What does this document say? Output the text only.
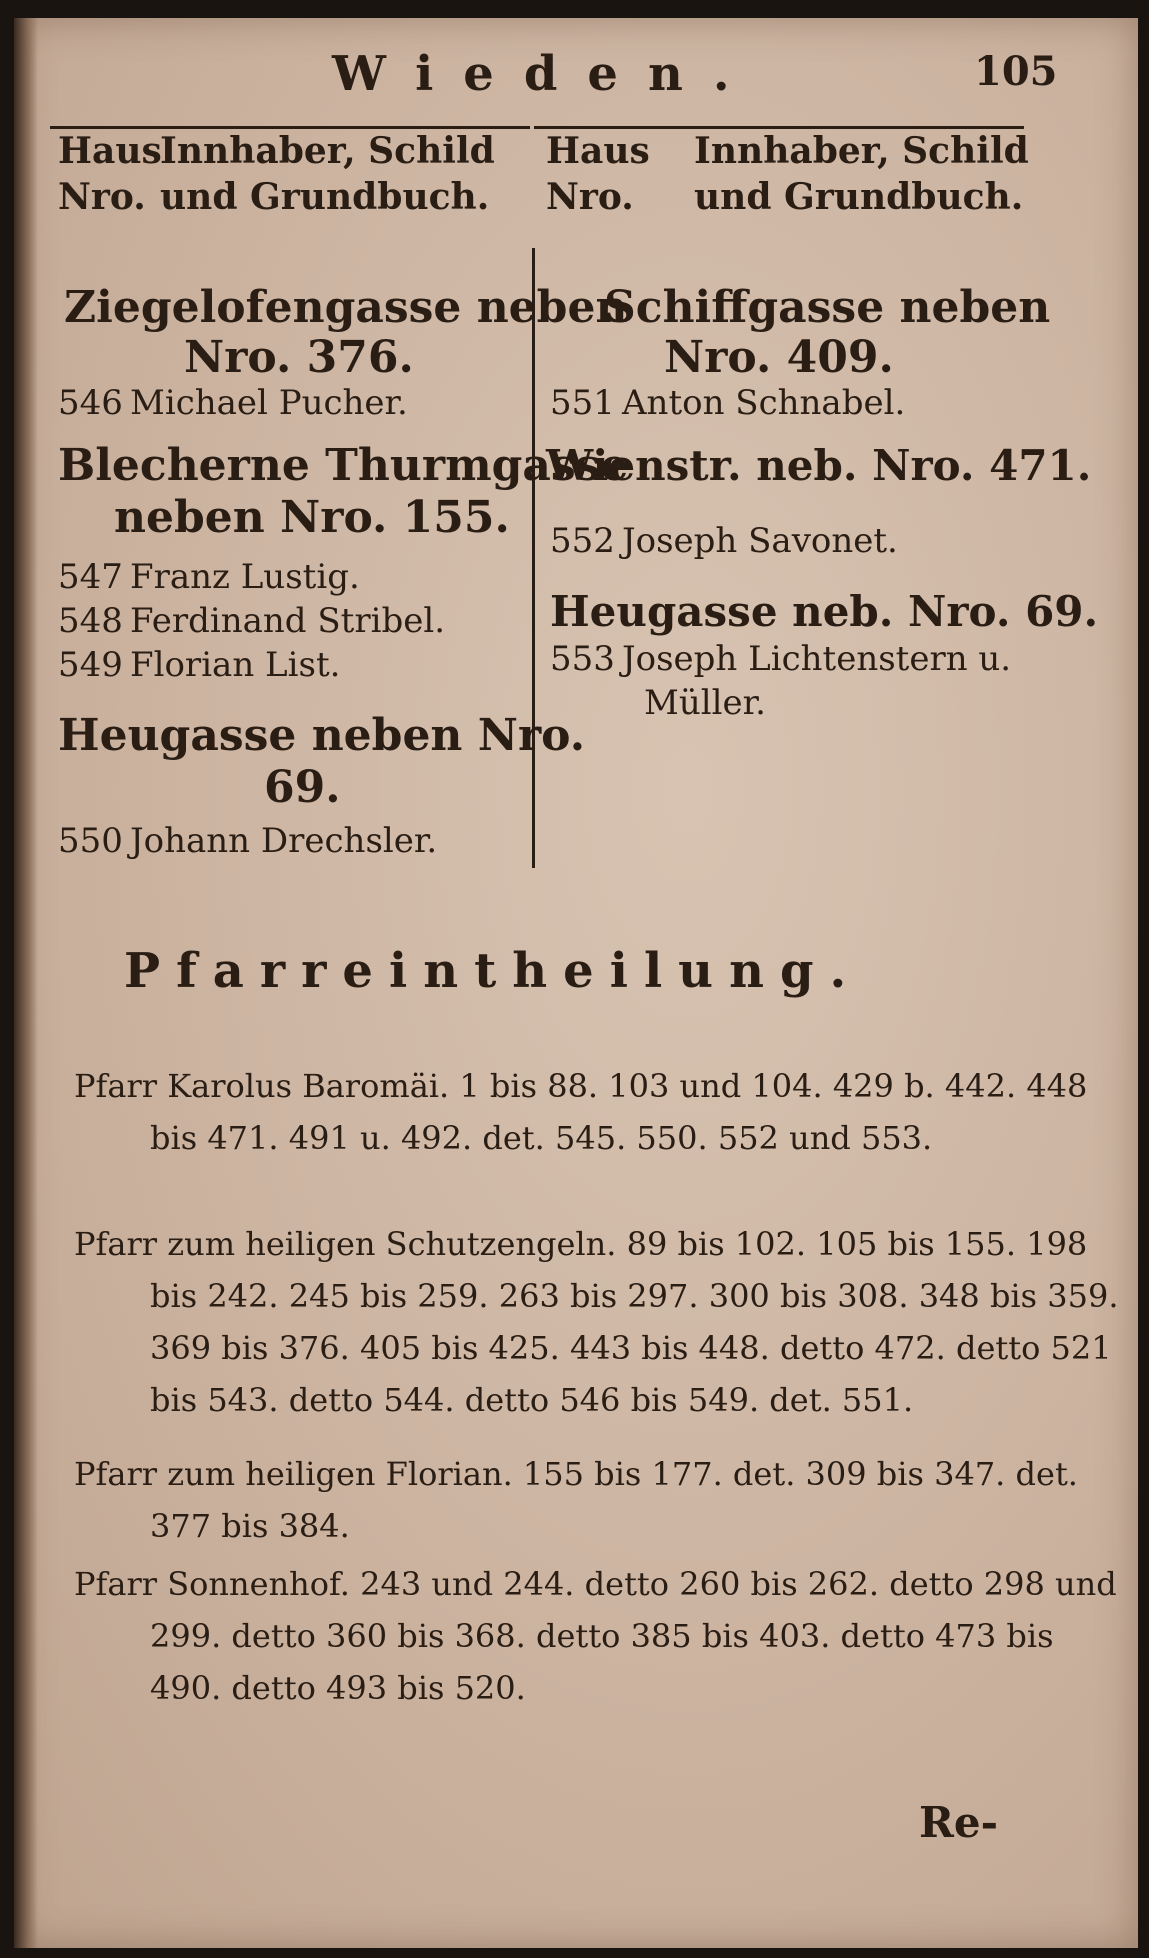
Wieden.	105
Haus
Nro.
Innhaber, Schild
und Grundbuch.
Haus
Nro.
Innhaber, Schild
und Grundbuch.
Ziegelofengasse neben
Nro. 376.
546 Michael Pucher.
Blecherne Thurmgasse
neben Nro. 155.
547 Franz Lustig.
548 Ferdinand Stribel.
549 Florian List.
Heugasse neben Nro.
69.
550 Johann Drechsler.
Schiffgasse neben
Nro. 409.
551 Anton Schnabel.
Wienstr. neb. Nro. 471.
552 Joseph Savonet.
Heugasse neb. Nro. 69.
553 Joseph Lichtenstern u.
Müller.
Pfarreintheilung.
Pfarr Karolus Baromäi. 1 bis 88. 103 und 104. 429 b. 442. 448 bis 471. 491 u. 492. det. 545. 550. 552 und 553.
Pfarr zum heiligen Schutzengeln. 89 bis 102. 105 bis 155. 198 bis 242. 245 bis 259. 263 bis 297. 300 bis 308. 348 bis 359. 369 bis 376. 405 bis 425. 443 bis 448. detto 472. detto 521 bis 543. detto 544. detto 546 bis 549. det. 551.
Pfarr zum heiligen Florian. 155 bis 177. det. 309 bis 347. det. 377 bis 384.
Pfarr Sonnenhof. 243 und 244. detto 260 bis 262. detto 298 und 299. detto 360 bis 368. detto 385 bis 403. detto 473 bis 490. detto 493 bis 520.
Re-
